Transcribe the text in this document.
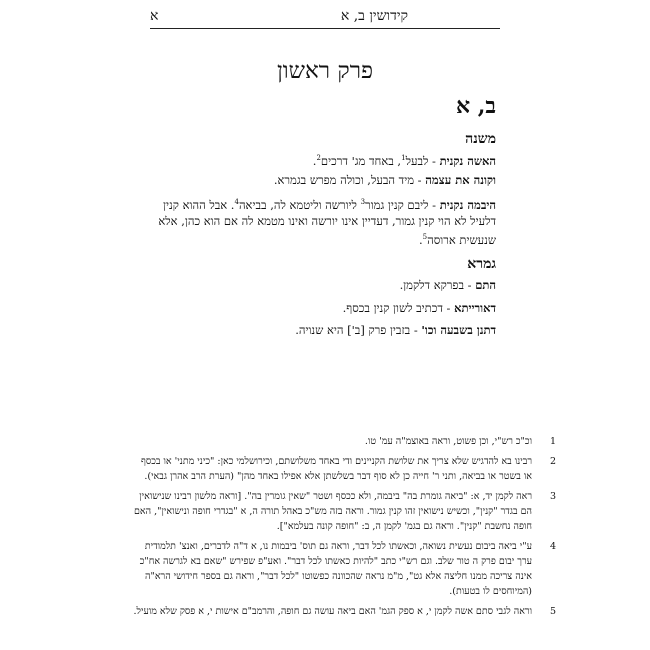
קידושין ב, א
א
פרק ראשון
ב, א
משנה
האשה נקנית - לבעל$^1$, באחד מג' דרכים$^2$.
וקונה את עצמה - מיד הבעל, וכולה מפרש בגמרא.
היבמה נקנית - ליבם קנין גמור$^3$ ליורשה וליטמא לה, בביאה$^4$. אבל ההוא קנין דלעיל לא הוי קנין גמור, דעדיין אינו יורשה ואינו מטמא לה אם הוא כהן, אלא שנעשית ארוסה$^5$.
גמרא
התם - בפרקא דלקמן.
דאורייתא - דכתיב לשון קנין בכסף.
דתנן בשבעה וכו' - בזבין פרק [ב'] היא שנויה.
1
וכ"כ רש"י, וכן פשוט, וראה באוצמ"ה עמ' טו.
2
רבינו בא להדגיש שלא צריך את שלושת הקניינים ודי באחד משלושתם, וכירושלמי כאן: "כיני מתני' או בכסף או בשטר או בביאה, ותני ר' חייה כן לא סוף דבר בשלשתן אלא אפילו באחד מהן" (הערת הרב אהרן גבאי).
3
ראה לקמן יד, א: "ביאה גומרת בה" ביבמה, ולא ככסף ושטר "שאין גומרין בה". [וראה מלשון רבינו שנישואין הם בגדר "קנין", וכשיש נישואין זהו קנין גמור. וראה בזה מש"כ באהל תורה ה, א "בגדרי חופה ונישואין", האם חופה נחשבת "קנין". וראה גם בגמ' לקמן ה, ב: "חופה קונה בעלמא"].
4
ע"י ביאה ביבום נעשית נשואה, וכאשתו לכל דבר, וראה גם תוס' ביבמות נו, א ד"ה לדברים, ואנצ' תלמודית ערך יבום פרק ה טור שלב. וגם רש"י כתב "להיות כאשתו לכל דבר". ואע"פ שפירש "שאם בא לגרשה אח"כ אינה צריכה ממנו חליצה אלא גט", מ"מ נראה שהכוונה כפשוטו "לכל דבר", וראה גם בספר חידושי הרא"ה (המיוחסים לו בטעות).
5
וראה לגבי סתם אשה לקמן י, א ספק הגמ' האם ביאה עושה גם חופה, והרמב"ם אישות י, א פסק שלא מועיל.
